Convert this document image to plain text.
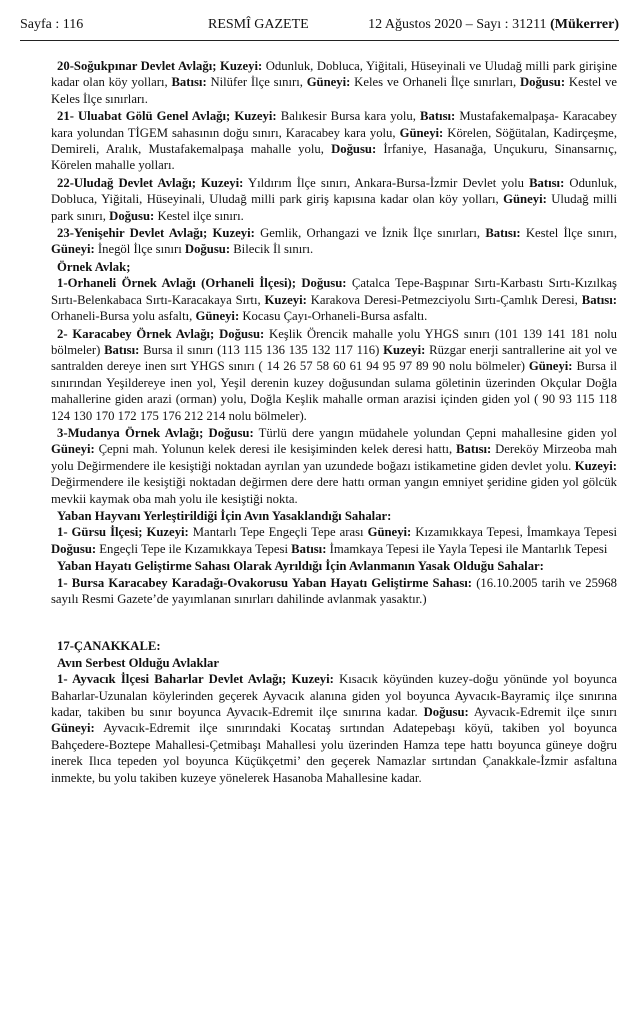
Sayfa : 116	RESMÎ GAZETE	12 Ağustos 2020 – Sayı : 31211 (Mükerrer)

20-Soğukpınar Devlet Avlağı; Kuzeyi: Odunluk, Dobluca, Yiğitali, Hüseyinali ve Uludağ milli park girişine kadar olan köy yolları, Batısı: Nilüfer İlçe sınırı, Güneyi: Keles ve Orhaneli İlçe sınırları, Doğusu: Kestel ve Keles İlçe sınırları.

21- Uluabat Gölü Genel Avlağı; Kuzeyi: Balıkesir Bursa kara yolu, Batısı: Mustafakemalpaşa- Karacabey kara yolundan TİGEM sahasının doğu sınırı, Karacabey kara yolu, Güneyi: Körelen, Söğütalan, Kadirçeşme, Demireli, Aralık, Mustafakemalpaşa mahalle yolu, Doğusu: İrfaniye, Hasanağa, Unçukuru, Sinansarnıç, Körelen mahalle yolları.

22-Uludağ Devlet Avlağı; Kuzeyi: Yıldırım İlçe sınırı, Ankara-Bursa-İzmir Devlet yolu Batısı: Odunluk, Dobluca, Yiğitali, Hüseyinali, Uludağ milli park giriş kapısına kadar olan köy yolları, Güneyi: Uludağ milli park sınırı, Doğusu: Kestel ilçe sınırı.

23-Yenişehir Devlet Avlağı; Kuzeyi: Gemlik, Orhangazi ve İznik İlçe sınırları, Batısı: Kestel İlçe sınırı, Güneyi: İnegöl İlçe sınırı Doğusu: Bilecik İl sınırı.

Örnek Avlak;

1-Orhaneli Örnek Avlağı (Orhaneli İlçesi); Doğusu: Çatalca Tepe-Başpınar Sırtı-Karbastı Sırtı-Kızılkaş Sırtı-Belenkabaca Sırtı-Karacakaya Sırtı, Kuzeyi: Karakova Deresi-Petmezciyolu Sırtı-Çamlık Deresi, Batısı: Orhaneli-Bursa yolu asfaltı, Güneyi: Kocasu Çayı-Orhaneli-Bursa asfaltı.

2- Karacabey Örnek Avlağı; Doğusu: Keşlik Örencik mahalle yolu YHGS sınırı (101 139 141 181 nolu bölmeler) Batısı: Bursa il sınırı (113 115 136 135 132 117 116) Kuzeyi: Rüzgar enerji santrallerine ait yol ve santralden dereye inen sırt YHGS sınırı ( 14 26 57 58 60 61 94 95 97 89 90 nolu bölmeler) Güneyi: Bursa il sınırından Yeşildereye inen yol, Yeşil derenin kuzey doğusundan sulama göletinin üzerinden Okçular Doğla mahallerine giden arazi (orman) yolu, Doğla Keşlik mahalle orman arazisi içinden giden yol ( 90 93 115 118 124 130 170 172 175 176 212 214 nolu bölmeler).

3-Mudanya Örnek Avlağı; Doğusu: Türlü dere yangın müdahele yolundan Çepni mahallesine giden yol Güneyi: Çepni mah. Yolunun kelek deresi ile kesişiminden kelek deresi hattı, Batısı: Dereköy Mirzeoba mah yolu Değirmendere ile kesiştiği noktadan ayrılan yan uzundede boğazı istikametine giden devlet yolu. Kuzeyi: Değirmendere ile kesiştiği noktadan değirmen dere dere hattı orman yangın emniyet şeridine giden yol gölcük mevkii kaymak oba mah yolu ile kesiştiği nokta.

Yaban Hayvanı Yerleştirildiği İçin Avın Yasaklandığı Sahalar:

1- Gürsu İlçesi; Kuzeyi: Mantarlı Tepe Engeçli Tepe arası Güneyi: Kızamıkkaya Tepesi, İmamkaya Tepesi Doğusu: Engeçli Tepe ile Kızamıkkaya Tepesi Batısı: İmamkaya Tepesi ile Yayla Tepesi ile Mantarlık Tepesi

Yaban Hayatı Geliştirme Sahası Olarak Ayrıldığı İçin Avlanmanın Yasak Olduğu Sahalar:

1- Bursa Karacabey Karadağı-Ovakorusu Yaban Hayatı Geliştirme Sahası: (16.10.2005 tarih ve 25968 sayılı Resmi Gazete’de yayımlanan sınırları dahilinde avlanmak yasaktır.)

17-ÇANAKKALE:

Avın Serbest Olduğu Avlaklar

1- Ayvacık İlçesi Baharlar Devlet Avlağı; Kuzeyi: Kısacık köyünden kuzey-doğu yönünde yol boyunca Baharlar-Uzunalan köylerinden geçerek Ayvacık alanına giden yol boyunca Ayvacık-Bayramiç ilçe sınırına kadar, takiben bu sınır boyunca Ayvacık-Edremit ilçe sınırına kadar. Doğusu: Ayvacık-Edremit ilçe sınırı Güneyi: Ayvacık-Edremit ilçe sınırındaki Kocataş sırtından Adatepebaşı köyü, takiben yol boyunca Bahçedere-Boztepe Mahallesi-Çetmibaşı Mahallesi yolu üzerinden Hamza tepe hattı boyunca güneye doğru inerek Ilıca tepeden yol boyunca Küçükçetmi’ den geçerek Namazlar sırtından Çanakkale-İzmir asfaltına inmekte, bu yolu takiben kuzeye yönelerek Hasanoba Mahallesine kadar.
